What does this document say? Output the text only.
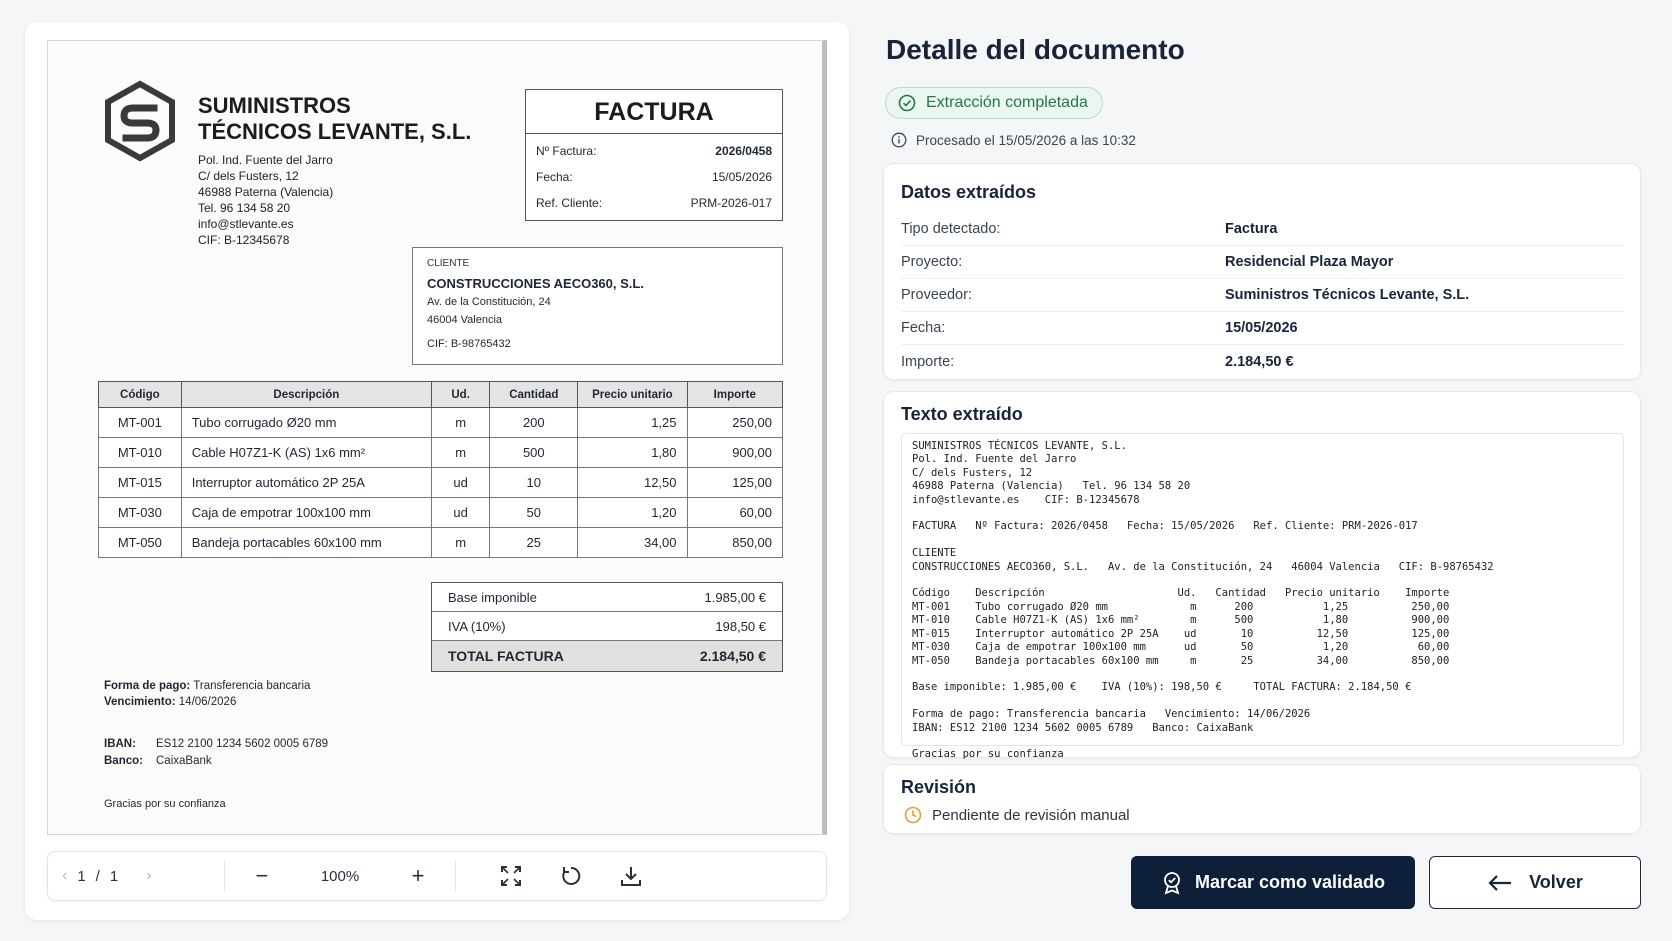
SUMINISTROS
TÉCNICOS LEVANTE, S.L.
Pol. Ind. Fuente del Jarro
C/ dels Fusters, 12
46988 Paterna (Valencia)
Tel. 96 134 58 20
info@stlevante.es
CIF: B-12345678
FACTURA
Nº Factura:	2026/0458
Fecha:	15/05/2026
Ref. Cliente:	PRM-2026-017
CLIENTE
CONSTRUCCIONES AECO360, S.L.
Av. de la Constitución, 24
46004 Valencia
CIF: B-98765432
Código	Descripción	Ud.	Cantidad	Precio unitario	Importe
MT-001	Tubo corrugado Ø20 mm	m	200	1,25	250,00
MT-010	Cable H07Z1-K (AS) 1x6 mm²	m	500	1,80	900,00
MT-015	Interruptor automático 2P 25A	ud	10	12,50	125,00
MT-030	Caja de empotrar 100x100 mm	ud	50	1,20	60,00
MT-050	Bandeja portacables 60x100 mm	m	25	34,00	850,00
Base imponible	1.985,00 €
IVA (10%)	198,50 €
TOTAL FACTURA	2.184,50 €
Forma de pago: Transferencia bancaria
Vencimiento: 14/06/2026
IBAN: ES12 2100 1234 5602 0005 6789
Banco: CaixaBank
Gracias por su confianza
‹ 1 / 1 ›	−	100%	+
Detalle del documento
Extracción completada
Procesado el 15/05/2026 a las 10:32
Datos extraídos
Tipo detectado:	Factura
Proyecto:	Residencial Plaza Mayor
Proveedor:	Suministros Técnicos Levante, S.L.
Fecha:	15/05/2026
Importe:	2.184,50 €
Texto extraído
SUMINISTROS TÉCNICOS LEVANTE, S.L.
Pol. Ind. Fuente del Jarro
C/ dels Fusters, 12
46988 Paterna (Valencia)   Tel. 96 134 58 20
info@stlevante.es    CIF: B-12345678

FACTURA   Nº Factura: 2026/0458   Fecha: 15/05/2026   Ref. Cliente: PRM-2026-017

CLIENTE
CONSTRUCCIONES AECO360, S.L.   Av. de la Constitución, 24   46004 Valencia   CIF: B-98765432

Código    Descripción                     Ud.   Cantidad   Precio unitario    Importe
MT-001    Tubo corrugado Ø20 mm             m      200           1,25          250,00
MT-010    Cable H07Z1-K (AS) 1x6 mm²        m      500           1,80          900,00
MT-015    Interruptor automático 2P 25A    ud       10          12,50          125,00
MT-030    Caja de empotrar 100x100 mm      ud       50           1,20           60,00
MT-050    Bandeja portacables 60x100 mm     m       25          34,00          850,00

Base imponible: 1.985,00 €    IVA (10%): 198,50 €     TOTAL FACTURA: 2.184,50 €

Forma de pago: Transferencia bancaria   Vencimiento: 14/06/2026
IBAN: ES12 2100 1234 5602 0005 6789   Banco: CaixaBank

Gracias por su confianza
Revisión
Pendiente de revisión manual
Marcar como validado	Volver
